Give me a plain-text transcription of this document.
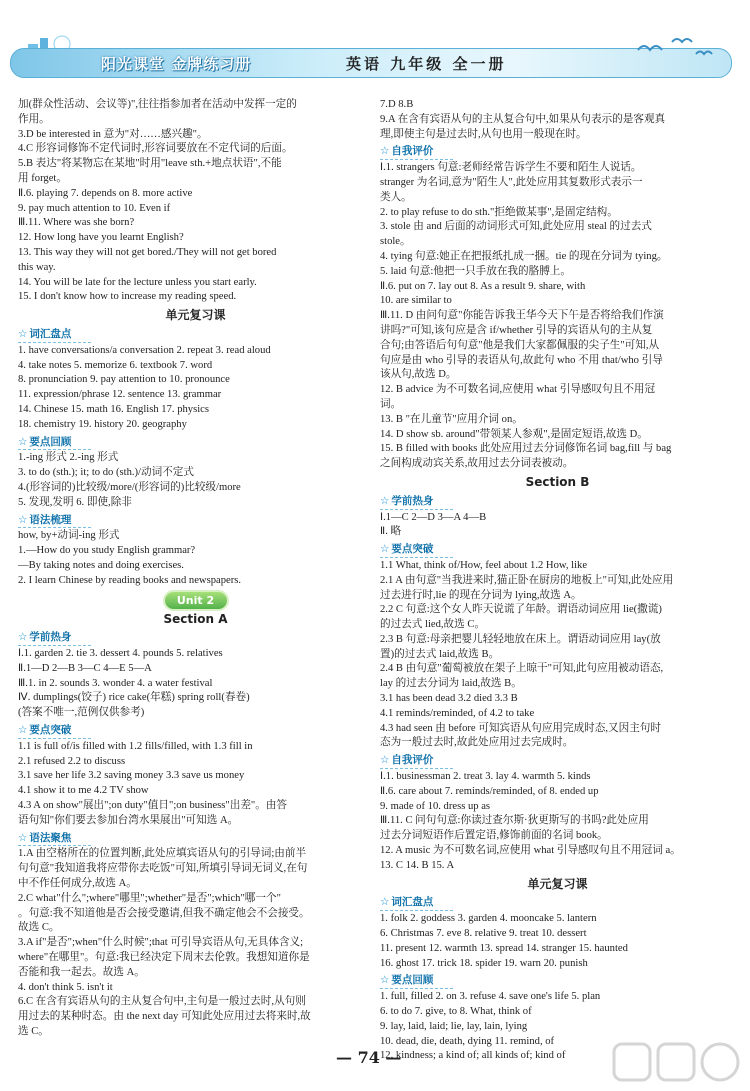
阳光课堂 金牌练习册	英语 九年级 全一册
加(群众性活动、会议等)",往往指参加者在活动中发挥一定的
作用。
3.D be interested in 意为"对……感兴趣"。
4.C 形容词修饰不定代词时,形容词要放在不定代词的后面。
5.B 表达"将某物忘在某地"时用"leave sth.+地点状语",不能
用 forget。
Ⅱ.6. playing 7. depends on 8. more active
9. pay much attention to 10. Even if
Ⅲ.11. Where was she born?
12. How long have you learnt English?
13. This way they will not get bored./They will not get bored
this way.
14. You will be late for the lecture unless you start early.
15. I don't know how to increase my reading speed.
单元复习课
☆ 词汇盘点
1. have conversations/a conversation 2. repeat 3. read aloud
4. take notes 5. memorize 6. textbook 7. word
8. pronunciation 9. pay attention to 10. pronounce
11. expression/phrase 12. sentence 13. grammar
14. Chinese 15. math 16. English 17. physics
18. chemistry 19. history 20. geography
☆ 要点回顾
1.-ing 形式 2.-ing 形式
3. to do (sth.); it; to do (sth.)/动词不定式
4.(形容词的)比较级/more/(形容词的)比较级/more
5. 发现,发明 6. 即使,除非
☆ 语法梳理
how, by+动词-ing 形式
1.—How do you study English grammar?
—By taking notes and doing exercises.
2. I learn Chinese by reading books and newspapers.
Unit 2
Section A
☆ 学前热身
Ⅰ.1. garden 2. tie 3. dessert 4. pounds 5. relatives
Ⅱ.1—D 2—B 3—C 4—E 5—A
Ⅲ.1. in 2. sounds 3. wonder 4. a water festival
Ⅳ. dumplings(饺子) rice cake(年糕) spring roll(春卷)
(答案不唯一,范例仅供参考)
☆ 要点突破
1.1 is full of/is filled with 1.2 fills/filled, with 1.3 fill in
2.1 refused 2.2 to discuss
3.1 save her life 3.2 saving money 3.3 save us money
4.1 show it to me 4.2 TV show
4.3 A on show"展出";on duty"值日";on business"出差"。由答
语句知"你们要去参加台湾水果展出"可知选 A。
☆ 语法聚焦
1.A 由空格所在的位置判断,此处应填宾语从句的引导词;由前半
句句意"我知道我将应带你去吃饭"可知,所填引导词无词义,在句
中不作任何成分,故选 A。
2.C what"什么";where"哪里";whether"是否";which"哪一个"
。句意:我不知道他是否会接受邀请,但我不确定他会不会接受。
故选 C。
3.A if"是否";when"什么时候";that 可引导宾语从句,无具体含义;
where"在哪里"。句意:我已经决定下周末去伦敦。我想知道你是
否能和我一起去。故选 A。
4. don't think 5. isn't it
6.C 在含有宾语从句的主从复合句中,主句是一般过去时,从句则
用过去的某种时态。由 the next day 可知此处应用过去将来时,故
选 C。
7.D 8.B
9.A 在含有宾语从句的主从复合句中,如果从句表示的是客观真
理,即使主句是过去时,从句也用一般现在时。
☆ 自我评价
Ⅰ.1. strangers 句意:老师经常告诉学生不要和陌生人说话。
stranger 为名词,意为"陌生人",此处应用其复数形式表示一
类人。
2. to play refuse to do sth."拒绝做某事",是固定结构。
3. stole 由 and 后面的动词形式可知,此处应用 steal 的过去式
stole。
4. tying 句意:她正在把报纸扎成一捆。tie 的现在分词为 tying。
5. laid 句意:他把一只手放在我的胳膊上。
Ⅱ.6. put on 7. lay out 8. As a result 9. share, with
10. are similar to
Ⅲ.11. D 由问句意"你能告诉我王华今天下午是否将给我们作演
讲吗?"可知,该句应是含 if/whether 引导的宾语从句的主从复
合句;由答语后句句意"他是我们大家都佩服的尖子生"可知,从
句应是由 who 引导的表语从句,故此句 who 不用 that/who 引导
该从句,故选 D。
12. B advice 为不可数名词,应使用 what 引导感叹句且不用冠
词。
13. B "在儿童节"应用介词 on。
14. D show sb. around"带领某人参观",是固定短语,故选 D。
15. B filled with books 此处应用过去分词修饰名词 bag,fill 与 bag
之间构成动宾关系,故用过去分词表被动。
Section B
☆ 学前热身
Ⅰ.1—C 2—D 3—A 4—B
Ⅱ. 略
☆ 要点突破
1.1 What, think of/How, feel about 1.2 How, like
2.1 A 由句意"当我进来时,猫正卧在厨房的地板上"可知,此处应用
过去进行时,lie 的现在分词为 lying,故选 A。
2.2 C 句意:这个女人昨天说谎了年龄。谓语动词应用 lie(撒谎)
的过去式 lied,故选 C。
2.3 B 句意:母亲把婴儿轻轻地放在床上。谓语动词应用 lay(放
置)的过去式 laid,故选 B。
2.4 B 由句意"葡萄被放在架子上晾干"可知,此句应用被动语态,
lay 的过去分词为 laid,故选 B。
3.1 has been dead 3.2 died 3.3 B
4.1 reminds/reminded, of 4.2 to take
4.3 had seen 由 before 可知宾语从句应用完成时态,又因主句时
态为一般过去时,故此处应用过去完成时。
☆ 自我评价
Ⅰ.1. businessman 2. treat 3. lay 4. warmth 5. kinds
Ⅱ.6. care about 7. reminds/reminded, of 8. ended up
9. made of 10. dress up as
Ⅲ.11. C 问句句意:你读过查尔斯·狄更斯写的书吗?此处应用
过去分词短语作后置定语,修饰前面的名词 book。
12. A music 为不可数名词,应使用 what 引导感叹句且不用冠词 a。
13. C 14. B 15. A
单元复习课
☆ 词汇盘点
1. folk 2. goddess 3. garden 4. mooncake 5. lantern
6. Christmas 7. eve 8. relative 9. treat 10. dessert
11. present 12. warmth 13. spread 14. stranger 15. haunted
16. ghost 17. trick 18. spider 19. warn 20. punish
☆ 要点回顾
1. full, filled 2. on 3. refuse 4. save one's life 5. plan
6. to do 7. give, to 8. What, think of
9. lay, laid, laid; lie, lay, lain, lying
10. dead, die, death, dying 11. remind, of
12. kindness; a kind of; all kinds of; kind of
— 74 —
